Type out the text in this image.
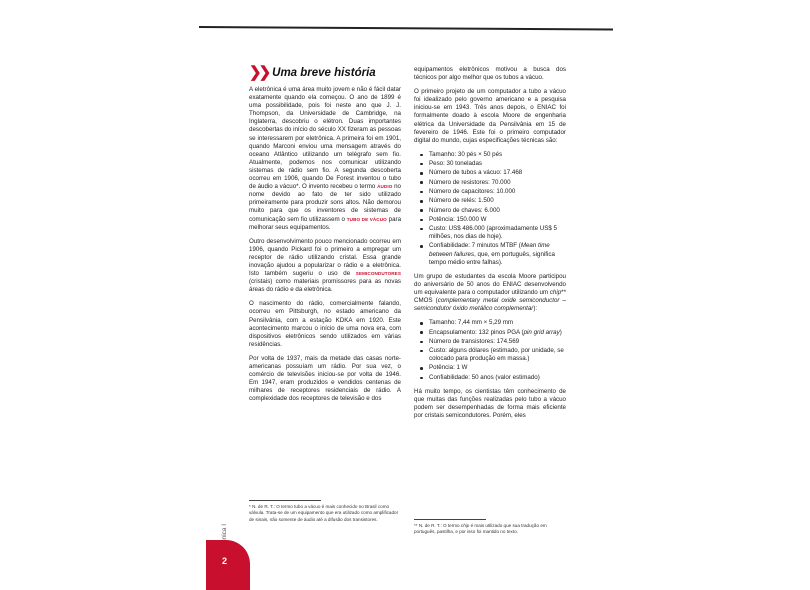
❯❯ Uma breve história

A eletrônica é uma área muito jovem e não é fácil datar exatamente quando ela começou. O ano de 1899 é uma possibilidade, pois foi neste ano que J. J. Thompson, da Universidade de Cambridge, na Inglaterra, descobriu o elétron. Duas importantes descobertas do início do século XX fizeram as pessoas se interessarem por eletrônica. A primeira foi em 1901, quando Marconi enviou uma mensagem através do oceano Atlântico utilizando um telégrafo sem fio. Atualmente, podemos nos comunicar utilizando sistemas de rádio sem fio. A segunda descoberta ocorreu em 1906, quando De Forest inventou o tubo de áudio a vácuo*. O invento recebeu o termo ÁUDIO no nome devido ao fato de ter sido utilizado primeiramente para produzir sons altos. Não demorou muito para que os inventores de sistemas de comunicação sem fio utilizassem o TUBO DE VÁCUO para melhorar seus equipamentos.

Outro desenvolvimento pouco mencionado ocorreu em 1906, quando Pickard foi o primeiro a empregar um receptor de rádio utilizando cristal. Essa grande inovação ajudou a popularizar o rádio e a eletrônica. Isto também sugeriu o uso de SEMICONDUTORES (cristais) como materiais promissores para as novas áreas do rádio e da eletrônica.

O nascimento do rádio, comercialmente falando, ocorreu em Pittsburgh, no estado americano da Pensilvânia, com a estação KDKA em 1920. Este acontecimento marcou o início de uma nova era, com dispositivos eletrônicos sendo utilizados em várias residências.

Por volta de 1937, mais da metade das casas norte-americanas possuíam um rádio. Por sua vez, o comércio de televisões iniciou-se por volta de 1946. Em 1947, eram produzidos e vendidos centenas de milhares de receptores residenciais de rádio. A complexidade dos receptores de televisão e dos

equipamentos eletrônicos motivou a busca dos técnicos por algo melhor que os tubos a vácuo.

O primeiro projeto de um computador a tubo a vácuo foi idealizado pelo governo americano e a pesquisa iniciou-se em 1943. Três anos depois, o ENIAC foi formalmente doado à escola Moore de engenharia elétrica da Universidade da Pensilvânia em 15 de fevereiro de 1946. Este foi o primeiro computador digital do mundo, cujas especificações técnicas são:

Tamanho: 30 pés × 50 pés
Peso: 30 toneladas
Número de tubos a vácuo: 17.468
Número de resistores: 70.000
Número de capacitores: 10.000
Número de relés: 1.500
Número de chaves: 6.000
Potência: 150.000 W
Custo: US$ 486.000 (aproximadamente US$ 5 milhões, nos dias de hoje).
Confiabilidade: 7 minutos MTBF (Mean time between failures, que, em português, significa tempo médio entre falhas).

Um grupo de estudantes da escola Moore participou do aniversário de 50 anos do ENIAC desenvolvendo um equivalente para o computador utilizando um chip** CMOS (complementary metal oxide semiconductor – semicondutor óxido metálico complementar):

Tamanho: 7,44 mm × 5,29 mm
Encapsulamento: 132 pinos PGA (pin grid array)
Número de transistores: 174.569
Custo: alguns dólares (estimado, por unidade, se colocado para produção em massa.)
Potência: 1 W
Confiabilidade: 50 anos (valor estimado)

Há muito tempo, os cientistas têm conhecimento de que muitas das funções realizadas pelo tubo a vácuo podem ser desempenhadas de forma mais eficiente por cristais semicondutores. Porém, eles

* N. de R. T.: O termo tubo a vácuo é mais conhecido no Brasil como válvula. Trata-se de um equipamento que era utilizado como amplificador de sinais, não somente de áudio até a difusão dos transistores.
** N. de R. T.: O termo chip é mais utilizado que sua tradução em português, pastilha, e por isso foi mantido no texto.
2
